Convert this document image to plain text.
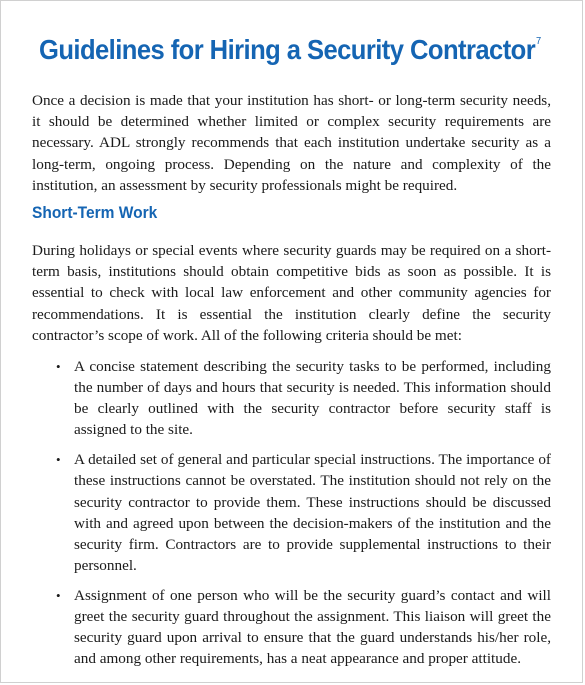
Guidelines for Hiring a Security Contractor$^7$

Once a decision is made that your institution has short- or long-term security needs, it should be determined whether limited or complex security requirements are necessary. ADL strongly recommends that each institution undertake security as a long-term, ongoing process. Depending on the nature and complexity of the institution, an assessment by security professionals might be required.

Short-Term Work

During holidays or special events where security guards may be required on a short-term basis, institutions should obtain competitive bids as soon as possible. It is essential to check with local law enforcement and other community agencies for recommendations. It is essential the institution clearly define the security contractor’s scope of work. All of the following criteria should be met:

• A concise statement describing the security tasks to be performed, including the number of days and hours that security is needed. This information should be clearly outlined with the security contractor before security staff is assigned to the site.
• A detailed set of general and particular special instructions. The importance of these instructions cannot be overstated. The institution should not rely on the security contractor to provide them. These instructions should be discussed with and agreed upon between the decision-makers of the institution and the security firm. Contractors are to provide supplemental instructions to their personnel.
• Assignment of one person who will be the security guard’s contact and will greet the security guard throughout the assignment. This liaison will greet the security guard upon arrival to ensure that the guard understands his/her role, and among other requirements, has a neat appearance and proper attitude.
